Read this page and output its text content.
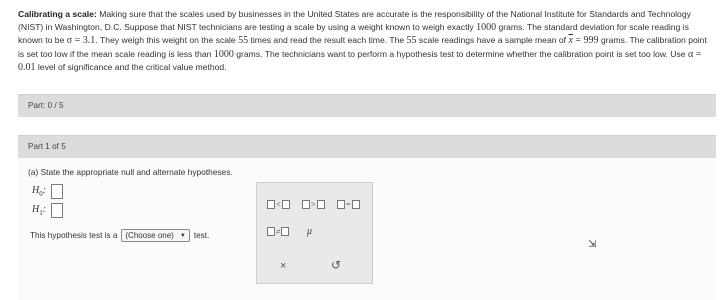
Calibrating a scale: Making sure that the scales used by businesses in the United States are accurate is the responsibility of the National Institute for Standards and Technology (NIST) in Washington, D.C. Suppose that NIST technicians are testing a scale by using a weight known to weigh exactly 1000 grams. The standard deviation for scale reading is known to be σ = 3.1. They weigh this weight on the scale 55 times and read the result each time. The 55 scale readings have a sample mean of $\overline{x} = 999$ grams. The calibration point is set too low if the mean scale reading is less than 1000 grams. The technicians want to perform a hypothesis test to determine whether the calibration point is set too low. Use α = 0.01 level of significance and the critical value method.
Part: 0 / 5
Part 1 of 5
(a) State the appropriate null and alternate hypotheses.
$H_0$:
$H_1$:
This hypothesis test is a (Choose one) ▼ test.
<	>	=
≠	μ
×	↺
⇲
